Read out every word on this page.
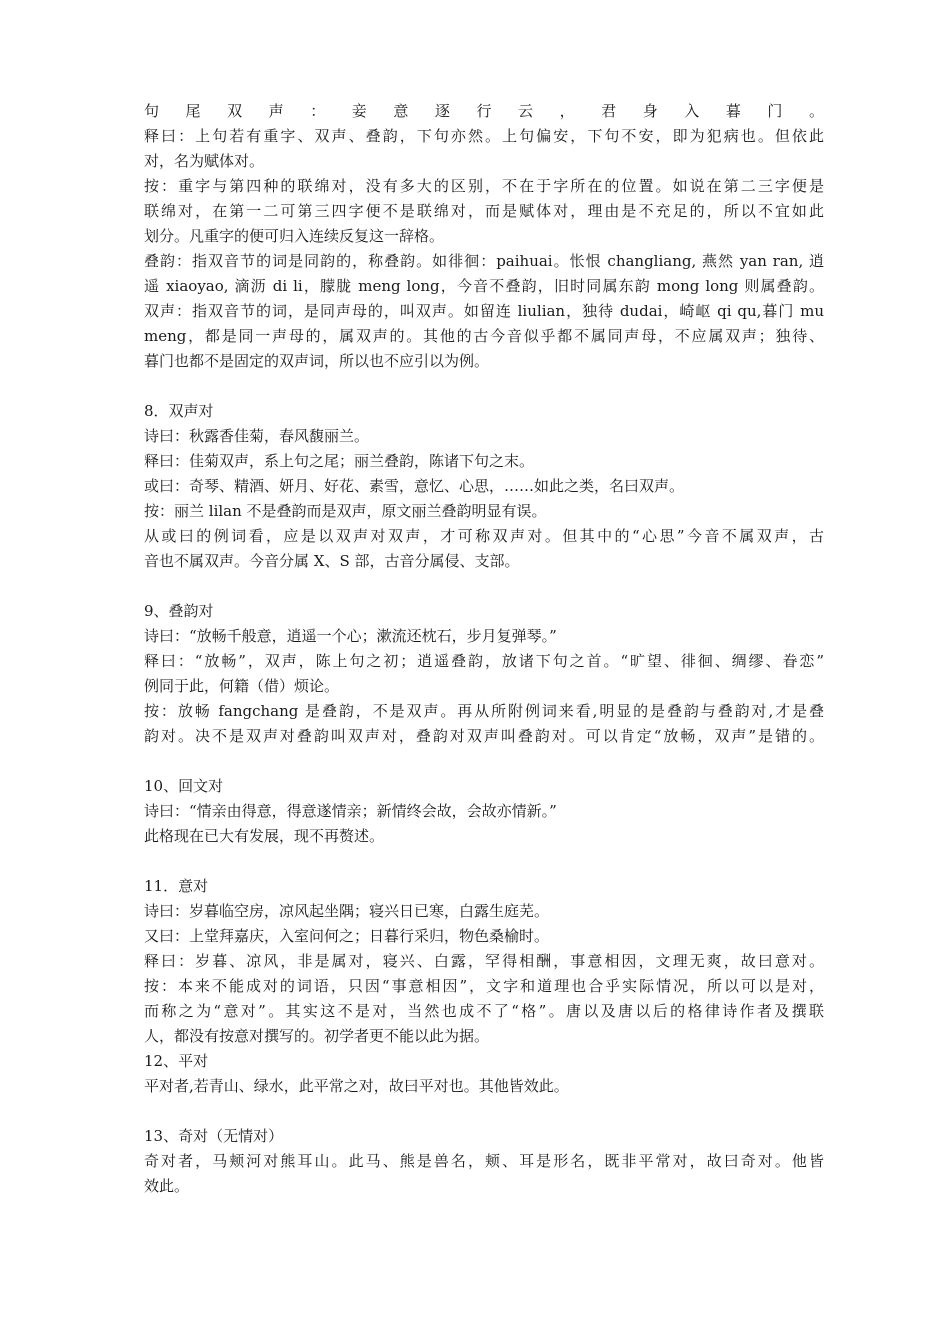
句尾双声：妾意逐行云，君身入暮门。
释曰：上句若有重字、双声、叠韵，下句亦然。上句偏安，下句不安，即为犯病也。但依此
对，名为赋体对。
按：重字与第四种的联绵对，没有多大的区别，不在于字所在的位置。如说在第二三字便是
联绵对，在第一二可第三四字便不是联绵对，而是赋体对，理由是不充足的，所以不宜如此
划分。凡重字的便可归入连续反复这一辞格。
叠韵：指双音节的词是同韵的，称叠韵。如徘徊：paihuai。怅恨 changliang, 燕然 yan ran, 逍
遥 xiaoyao, 滴沥 di li，朦胧 meng long，今音不叠韵，旧时同属东韵 mong long 则属叠韵。
双声：指双音节的词，是同声母的，叫双声。如留连 liulian，独待 dudai，崎岖 qi qu,暮门 mu
meng，都是同一声母的，属双声的。其他的古今音似乎都不属同声母，不应属双声；独待、
暮门也都不是固定的双声词，所以也不应引以为例。
8．双声对
诗曰：秋露香佳菊，春风馥丽兰。
释曰：佳菊双声，系上句之尾；丽兰叠韵，陈诸下句之末。
或曰：奇琴、精酒、妍月、好花、素雪，意忆、心思，……如此之类，名曰双声。
按：丽兰 lilan 不是叠韵而是双声，原文丽兰叠韵明显有误。
从或曰的例词看，应是以双声对双声，才可称双声对。但其中的“心思”今音不属双声，古
音也不属双声。今音分属 X、S 部，古音分属侵、支部。
9、叠韵对
诗曰：“放畅千般意，逍遥一个心；漱流还枕石，步月复弹琴。”
释曰：“放畅”，双声，陈上句之初；逍遥叠韵，放诸下句之首。“旷望、徘徊、绸缪、眷恋”
例同于此，何籍（借）烦论。
按：放畅 fangchang 是叠韵，不是双声。再从所附例词来看,明显的是叠韵与叠韵对,才是叠
韵对。决不是双声对叠韵叫双声对，叠韵对双声叫叠韵对。可以肯定“放畅，双声”是错的。
10、回文对
诗曰：“情亲由得意，得意遂情亲；新情终会故，会故亦情新。”
此格现在已大有发展，现不再赘述。
11．意对
诗曰：岁暮临空房，凉风起坐隅；寝兴日已寒，白露生庭芜。
又曰：上堂拜嘉庆，入室问何之；日暮行采归，物色桑榆时。
释曰：岁暮、凉风，非是属对，寝兴、白露，罕得相酬，事意相因，文理无爽，故曰意对。
按：本来不能成对的词语，只因“事意相因”，文字和道理也合乎实际情况，所以可以是对，
而称之为“意对”。其实这不是对，当然也成不了“格”。唐以及唐以后的格律诗作者及撰联
人，都没有按意对撰写的。初学者更不能以此为据。
12、平对
平对者,若青山、绿水，此平常之对，故曰平对也。其他皆效此。
13、奇对（无情对）
奇对者，马颊河对熊耳山。此马、熊是兽名，颊、耳是形名，既非平常对，故曰奇对。他皆
效此。
